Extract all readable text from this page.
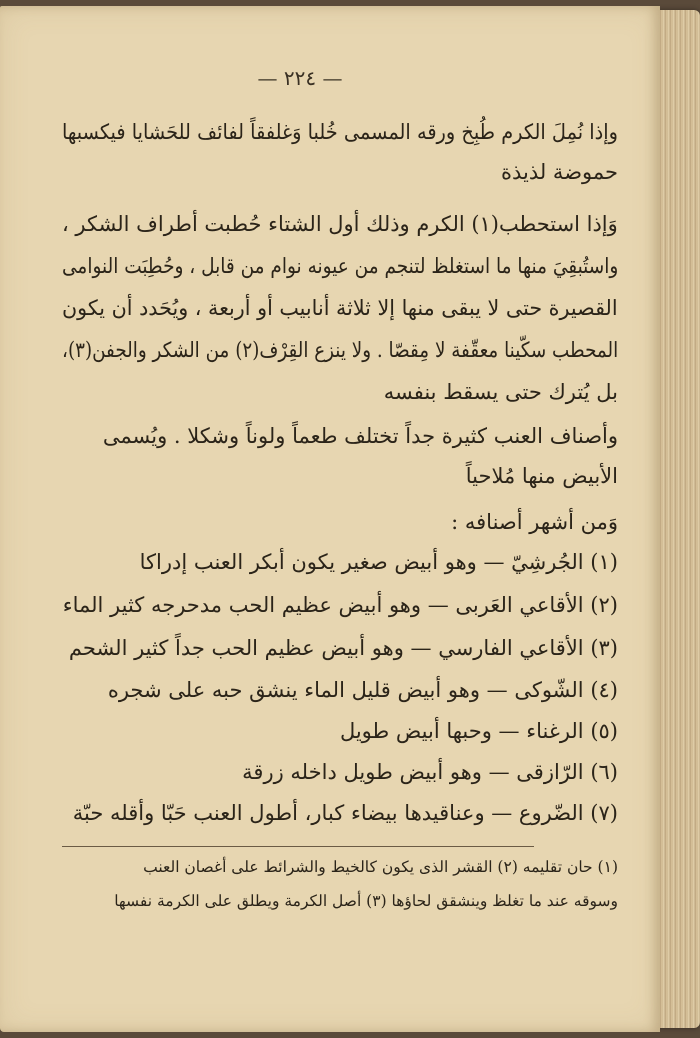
— ٢٢٤ —
وإذا نُمِلَ الكرم طُبِخ ورقه المسمى خُلبا وَغلفقاً لفائف للحَشايا فيكسبها
حموضة لذيذة
وَإذا استحطب(١) الكرم وذلك أول الشتاء حُطبت أطراف الشكر ،
واستُبقِيَ منها ما استغلظ لتنجم من عيونه نوام من قابل ، وحُطِبَت النوامى
القصيرة حتى لا يبقى منها إلا ثلاثة أنابيب أو أربعة ، ويُحَدد أن يكون
المحطب سكّينا معقّفة لا مِقصّا . ولا ينزع القِرْف(٢) من الشكر والجفن(٣)،
بل يُترك حتى يسقط بنفسه
وأصناف العنب كثيرة جداً تختلف طعماً ولوناً وشكلا . ويُسمى
الأبيض منها مُلاحياً
وَمن أشهر أصنافه :
(١) الجُرشِيّ — وهو أبيض صغير يكون أبكر العنب إدراكا
(٢) الأقاعي العَربى — وهو أبيض عظيم الحب مدحرجه كثير الماء
(٣) الأقاعي الفارسي — وهو أبيض عظيم الحب جداً كثير الشحم
(٤) الشّوكى — وهو أبيض قليل الماء ينشق حبه على شجره
(٥) الرغناء — وحبها أبيض طويل
(٦) الرّازقى — وهو أبيض طويل داخله زرقة
(٧) الضّروع — وعناقيدها بيضاء كبار، أطول العنب حَبّا وأقله حبّة
(١) حان تقليمه (٢) القشر الذى يكون كالخيط والشرائط على أغصان العنب
وسوقه عند ما تغلظ وينشقق لحاؤها (٣) أصل الكرمة ويطلق على الكرمة نفسها
